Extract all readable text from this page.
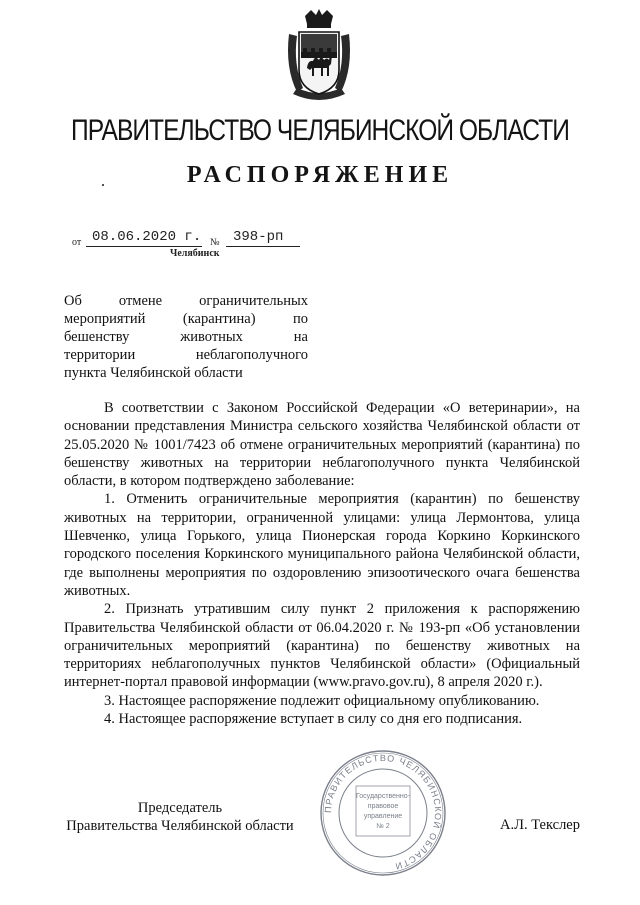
ПРАВИТЕЛЬСТВО ЧЕЛЯБИНСКОЙ ОБЛАСТИ
РАСПОРЯЖЕНИЕ
от 08.06.2020 г. № 398-рп
Челябинск
Об отмене ограничительных
мероприятий (карантина) по
бешенству животных на
территории неблагополучного
пункта Челябинской области

В соответствии с Законом Российской Федерации «О ветеринарии», на основании представления Министра сельского хозяйства Челябинской области от 25.05.2020 № 1001/7423 об отмене ограничительных мероприятий (карантина) по бешенству животных на территории неблагополучного пункта Челябинской области, в котором подтверждено заболевание:

1. Отменить ограничительные мероприятия (карантин) по бешенству животных на территории, ограниченной улицами: улица Лермонтова, улица Шевченко, улица Горького, улица Пионерская города Коркино Коркинского городского поселения Коркинского муниципального района Челябинской области, где выполнены мероприятия по оздоровлению эпизоотического очага бешенства животных.

2. Признать утратившим силу пункт 2 приложения к распоряжению Правительства Челябинской области от 06.04.2020 г. № 193-рп «Об установлении ограничительных мероприятий (карантина) по бешенству животных на территориях неблагополучных пунктов Челябинской области» (Официальный интернет-портал правовой информации (www.pravo.gov.ru), 8 апреля 2020 г.).

3. Настоящее распоряжение подлежит официальному опубликованию.

4. Настоящее распоряжение вступает в силу со дня его подписания.

Председатель
Правительства Челябинской области	А.Л. Текслер
ПРАВИТЕЛЬСТВО ЧЕЛЯБИНСКОЙ ОБЛАСТИ
Государственно-
правовое
управление
№ 2
